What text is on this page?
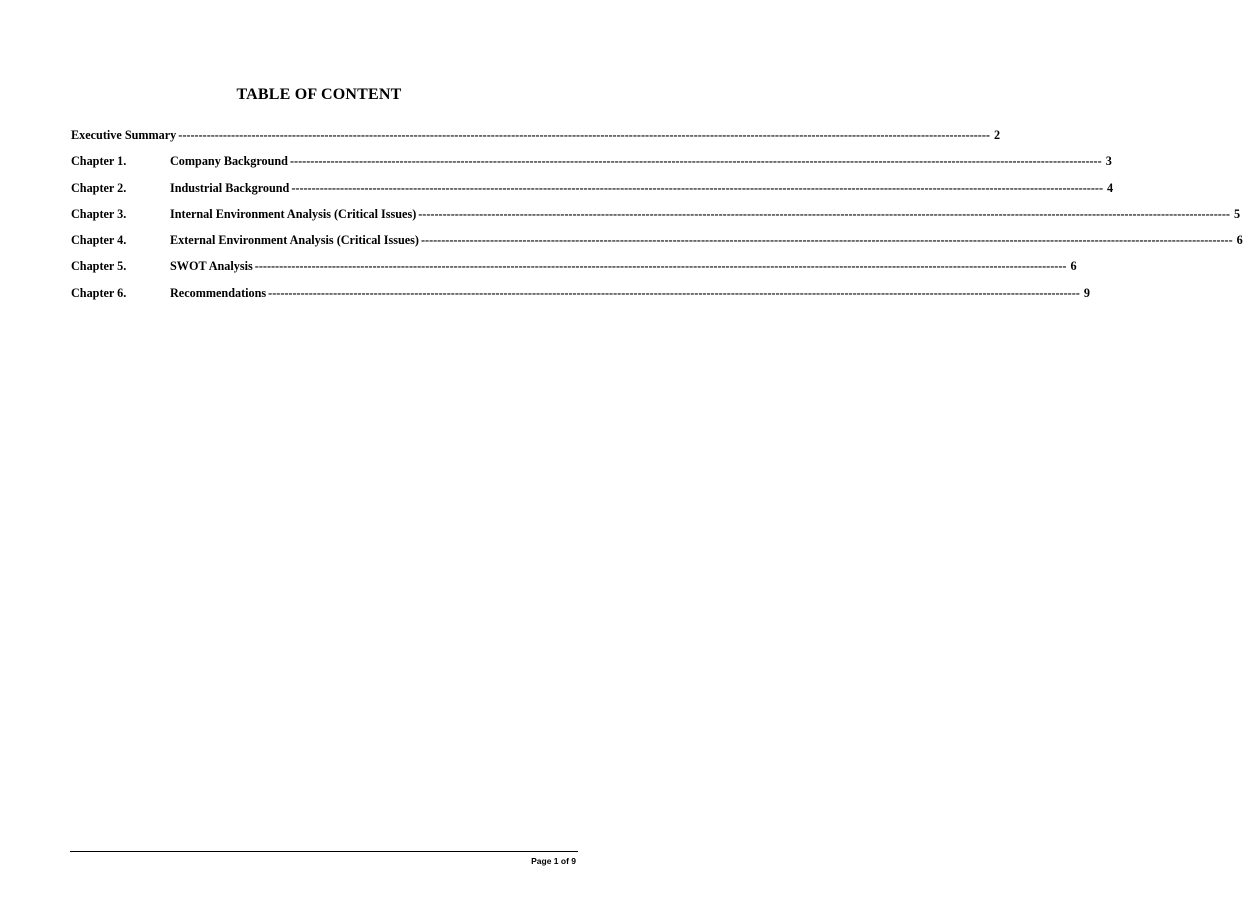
TABLE OF CONTENT
Executive Summary -------------------------------------------------------------------------------------------------------------------------------------------------------------------------------------------------------- 2
Chapter 1.	Company Background -------------------------------------------------------------------------------------------------------------------------------------------------------------------------------------------------------- 3
Chapter 2.	Industrial Background -------------------------------------------------------------------------------------------------------------------------------------------------------------------------------------------------------- 4
Chapter 3.	Internal Environment Analysis (Critical Issues) -------------------------------------------------------------------------------------------------------------------------------------------------------------------------------------------------------- 5
Chapter 4.	External Environment Analysis (Critical Issues) -------------------------------------------------------------------------------------------------------------------------------------------------------------------------------------------------------- 6
Chapter 5.	SWOT Analysis -------------------------------------------------------------------------------------------------------------------------------------------------------------------------------------------------------- 6
Chapter 6.	Recommendations -------------------------------------------------------------------------------------------------------------------------------------------------------------------------------------------------------- 9
Page 1 of 9
